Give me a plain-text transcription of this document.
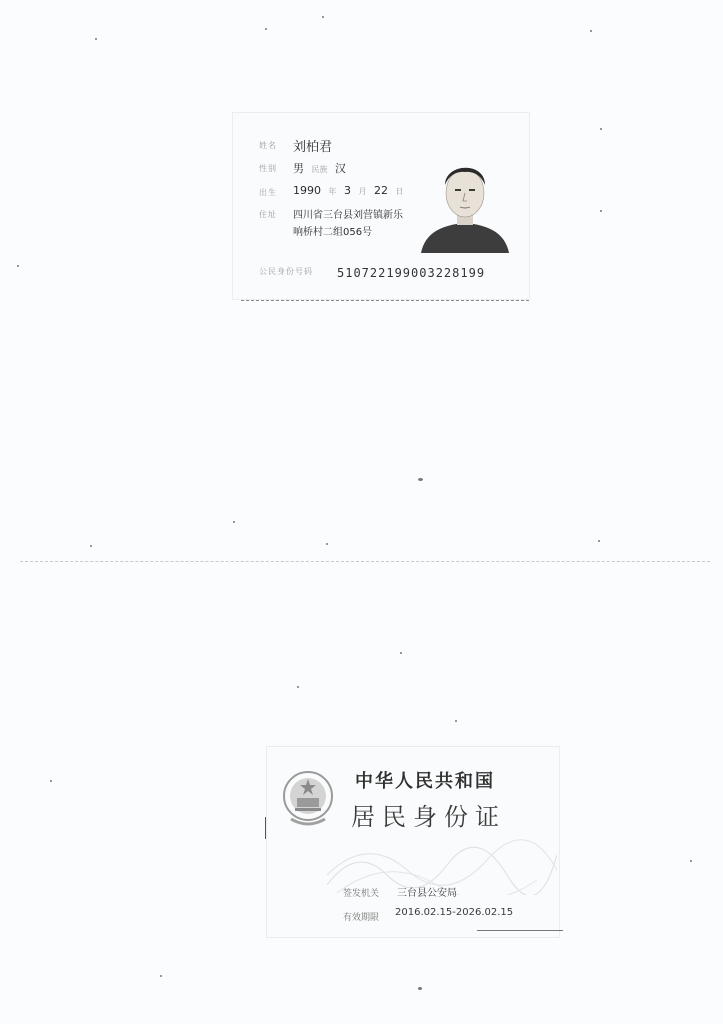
姓名 刘柏君
性别 男 民族 汉
出生 1990 年 3 月 22 日
住址 四川省三台县刘营镇新乐
响桥村二组056号
公民身份号码 510722199003228199
中华人民共和国
居民身份证
签发机关 三台县公安局
有效期限 2016.02.15-2026.02.15
